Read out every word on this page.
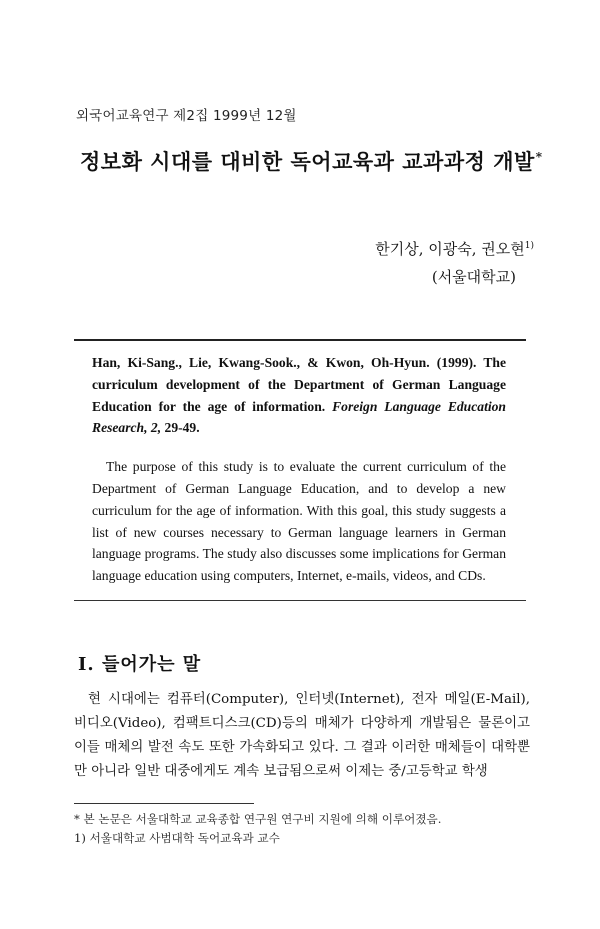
외국어교육연구 제2집 1999년 12월
정보화 시대를 대비한 독어교육과 교과과정 개발*
한기상, 이광숙, 권오현$^{1)}$
(서울대학교)
Han, Ki-Sang., Lie, Kwang-Sook., & Kwon, Oh-Hyun. (1999). The curriculum development of the Department of German Language Education for the age of information. Foreign Language Education Research, 2, 29-49.
The purpose of this study is to evaluate the current curriculum of the Department of German Language Education, and to develop a new curriculum for the age of information. With this goal, this study suggests a list of new courses necessary to German language learners in German language programs. The study also discusses some implications for German language education using computers, Internet, e-mails, videos, and CDs.
Ⅰ. 들어가는 말
현 시대에는 컴퓨터(Computer), 인터넷(Internet), 전자 메일(E-Mail), 비디오(Video), 컴팩트디스크(CD)등의 매체가 다양하게 개발됨은 물론이고 이들 매체의 발전 속도 또한 가속화되고 있다. 그 결과 이러한 매체들이 대학뿐만 아니라 일반 대중에게도 계속 보급됨으로써 이제는 중/고등학교 학생
* 본 논문은 서울대학교 교육종합 연구원 연구비 지원에 의해 이루어졌음.
1) 서울대학교 사범대학 독어교육과 교수
